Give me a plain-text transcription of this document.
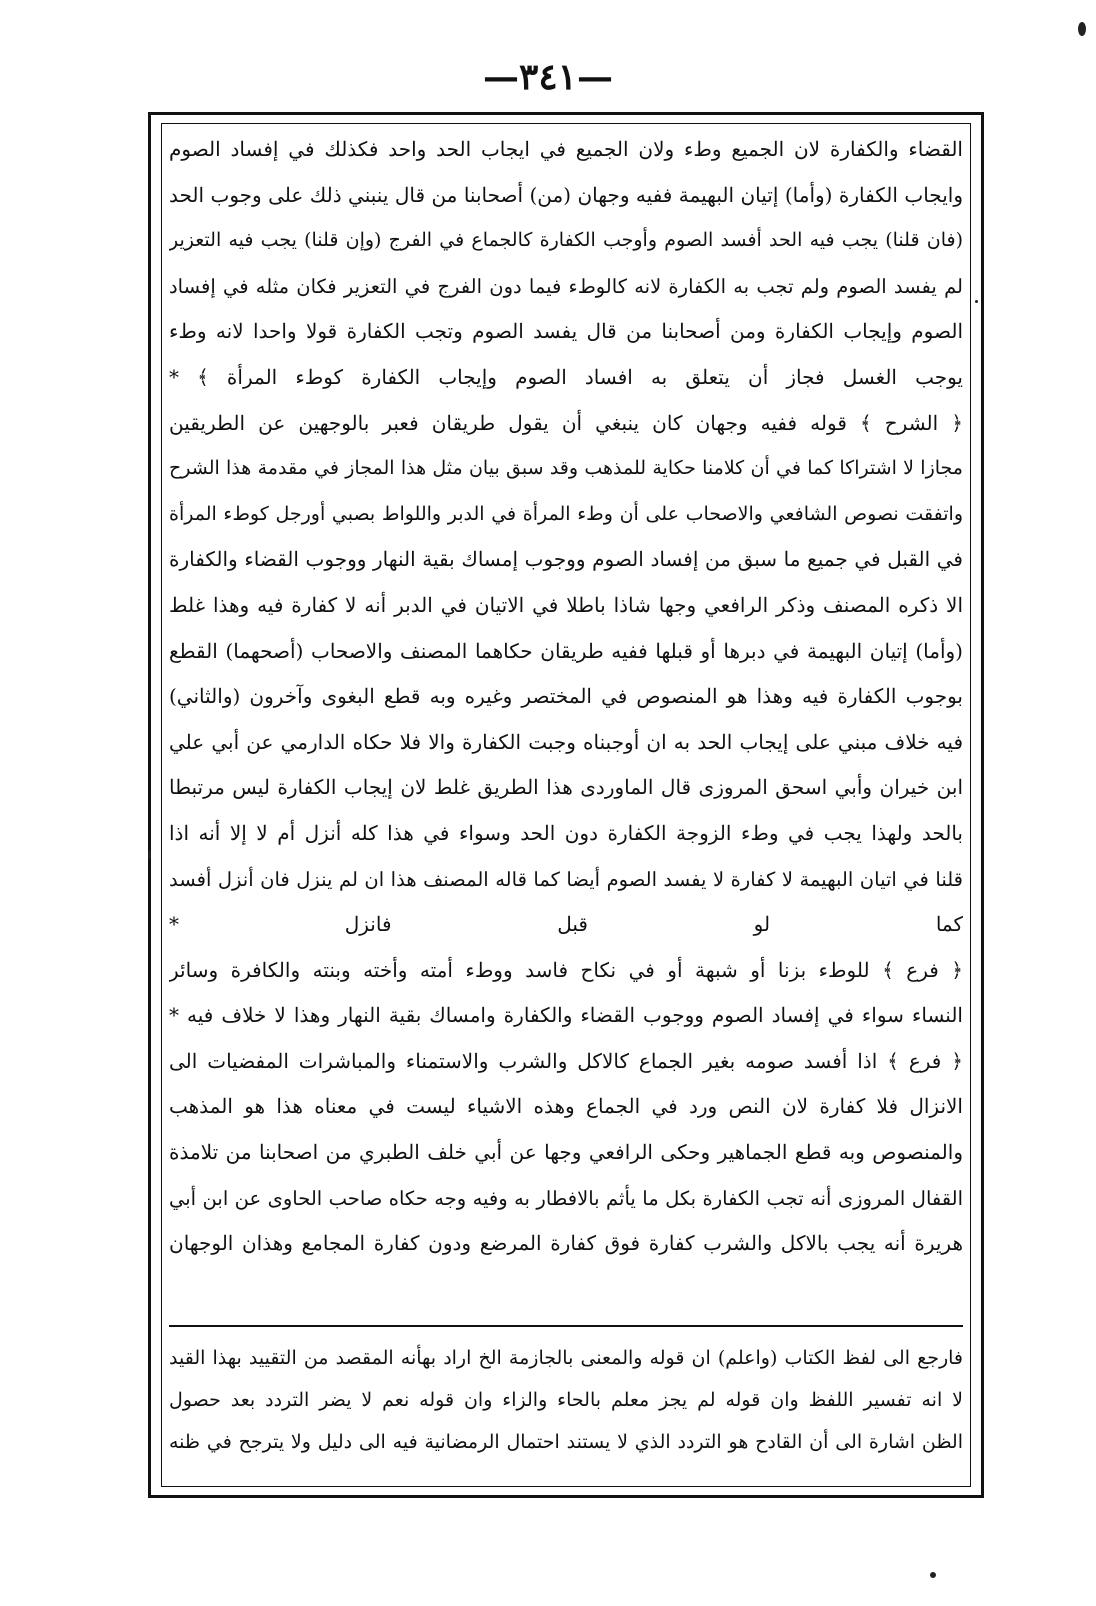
—٣٤١—
القضاء والكفارة لان الجميع وطء ولان الجميع في ايجاب الحد واحد فكذلك في إفساد الصوم
وايجاب الكفارة (وأما) إتيان البهيمة ففيه وجهان (من) أصحابنا من قال ينبني ذلك على وجوب الحد
(فان قلنا) يجب فيه الحد أفسد الصوم وأوجب الكفارة كالجماع في الفرج (وإن قلنا) يجب فيه التعزير
لم يفسد الصوم ولم تجب به الكفارة لانه كالوطء فيما دون الفرج في التعزير فكان مثله في إفساد
الصوم وإيجاب الكفارة ومن أصحابنا من قال يفسد الصوم وتجب الكفارة قولا واحدا لانه وطء
يوجب الغسل فجاز أن يتعلق به افساد الصوم وإيجاب الكفارة كوطء المرأة ﴾ *
﴿ الشرح ﴾ قوله ففيه وجهان كان ينبغي أن يقول طريقان فعبر بالوجهين عن الطريقين
مجازا لا اشتراكا كما في أن كلامنا حكاية للمذهب وقد سبق بيان مثل هذا المجاز في مقدمة هذا الشرح
واتفقت نصوص الشافعي والاصحاب على أن وطء المرأة في الدبر واللواط بصبي أورجل كوطء المرأة
في القبل في جميع ما سبق من إفساد الصوم ووجوب إمساك بقية النهار ووجوب القضاء والكفارة
الا ذكره المصنف وذكر الرافعي وجها شاذا باطلا في الاتيان في الدبر أنه لا كفارة فيه وهذا غلط
(وأما) إتيان البهيمة في دبرها أو قبلها ففيه طريقان حكاهما المصنف والاصحاب (أصحهما) القطع
بوجوب الكفارة فيه وهذا هو المنصوص في المختصر وغيره وبه قطع البغوى وآخرون (والثاني)
فيه خلاف مبني على إيجاب الحد به ان أوجبناه وجبت الكفارة والا فلا حكاه الدارمي عن أبي علي
ابن خيران وأبي اسحق المروزى قال الماوردى هذا الطريق غلط لان إيجاب الكفارة ليس مرتبطا
بالحد ولهذا يجب في وطء الزوجة الكفارة دون الحد وسواء في هذا كله أنزل أم لا إلا أنه اذا
قلنا في اتيان البهيمة لا كفارة لا يفسد الصوم أيضا كما قاله المصنف هذا ان لم ينزل فان أنزل أفسد
كما لو قبل فانزل *
﴿ فرع ﴾ للوطء بزنا أو شبهة أو في نكاح فاسد ووطء أمته وأخته وبنته والكافرة وسائر
النساء سواء في إفساد الصوم ووجوب القضاء والكفارة وامساك بقية النهار وهذا لا خلاف فيه *
﴿ فرع ﴾ اذا أفسد صومه بغير الجماع كالاكل والشرب والاستمناء والمباشرات المفضيات الى
الانزال فلا كفارة لان النص ورد في الجماع وهذه الاشياء ليست في معناه هذا هو المذهب
والمنصوص وبه قطع الجماهير وحكى الرافعي وجها عن أبي خلف الطبري من اصحابنا من تلامذة
القفال المروزى أنه تجب الكفارة بكل ما يأثم بالافطار به وفيه وجه حكاه صاحب الحاوى عن ابن أبي
هريرة أنه يجب بالاكل والشرب كفارة فوق كفارة المرضع ودون كفارة المجامع وهذان الوجهان
فارجع الى لفظ الكتاب (واعلم) ان قوله والمعنى بالجازمة الخ اراد بهأنه المقصد من التقييد بهذا القيد
لا انه تفسير اللفظ وان قوله لم يجز معلم بالحاء والزاء وان قوله نعم لا يضر التردد بعد حصول
الظن اشارة الى أن القادح هو التردد الذي لا يستند احتمال الرمضانية فيه الى دليل ولا يترجح في ظنه
